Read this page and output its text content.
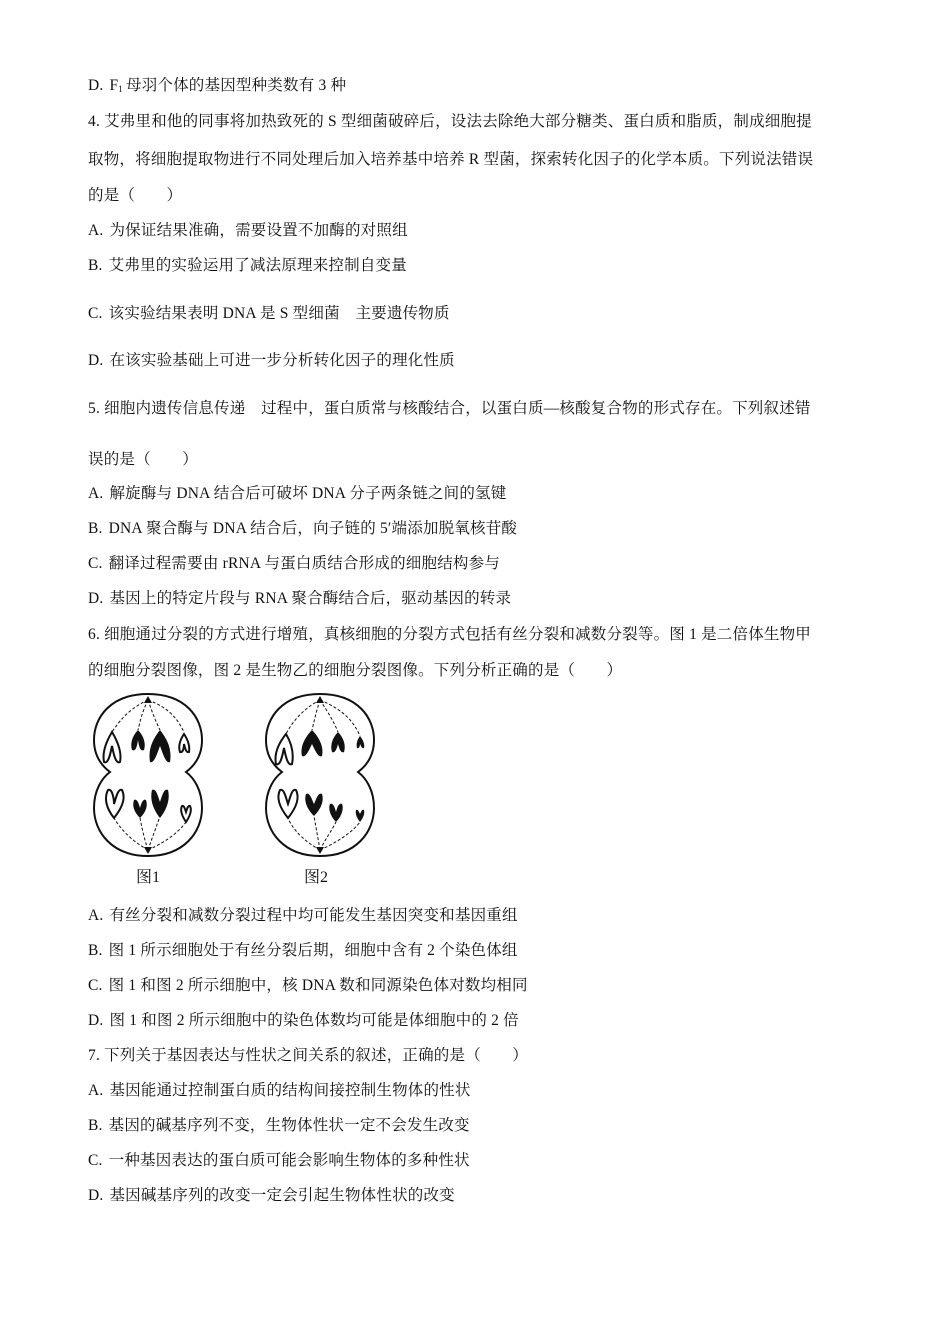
D. $F_1$ 母羽个体的基因型种类数有 3 种
4. 艾弗里和他的同事将加热致死的 S 型细菌破碎后，设法去除绝大部分糖类、蛋白质和脂质，制成细胞提
取物，将细胞提取物进行不同处理后加入培养基中培养 R 型菌，探索转化因子的化学本质。下列说法错误
的是（　　）
A. 为保证结果准确，需要设置不加酶的对照组
B. 艾弗里的实验运用了减法原理来控制自变量
C. 该实验结果表明 DNA 是 S 型细菌　主要遗传物质
D. 在该实验基础上可进一步分析转化因子的理化性质
5. 细胞内遗传信息传递　过程中，蛋白质常与核酸结合，以蛋白质—核酸复合物的形式存在。下列叙述错
误的是（　　）
A. 解旋酶与 DNA 结合后可破坏 DNA 分子两条链之间的氢键
B. DNA 聚合酶与 DNA 结合后，向子链的 5′端添加脱氧核苷酸
C. 翻译过程需要由 rRNA 与蛋白质结合形成的细胞结构参与
D. 基因上的特定片段与 RNA 聚合酶结合后，驱动基因的转录
6. 细胞通过分裂的方式进行增殖，真核细胞的分裂方式包括有丝分裂和减数分裂等。图 1 是二倍体生物甲
的细胞分裂图像，图 2 是生物乙的细胞分裂图像。下列分析正确的是（　　）
图1	图2
A. 有丝分裂和减数分裂过程中均可能发生基因突变和基因重组
B. 图 1 所示细胞处于有丝分裂后期，细胞中含有 2 个染色体组
C. 图 1 和图 2 所示细胞中，核 DNA 数和同源染色体对数均相同
D. 图 1 和图 2 所示细胞中的染色体数均可能是体细胞中的 2 倍
7. 下列关于基因表达与性状之间关系的叙述，正确的是（　　）
A. 基因能通过控制蛋白质的结构间接控制生物体的性状
B. 基因的碱基序列不变，生物体性状一定不会发生改变
C. 一种基因表达的蛋白质可能会影响生物体的多种性状
D. 基因碱基序列的改变一定会引起生物体性状的改变
